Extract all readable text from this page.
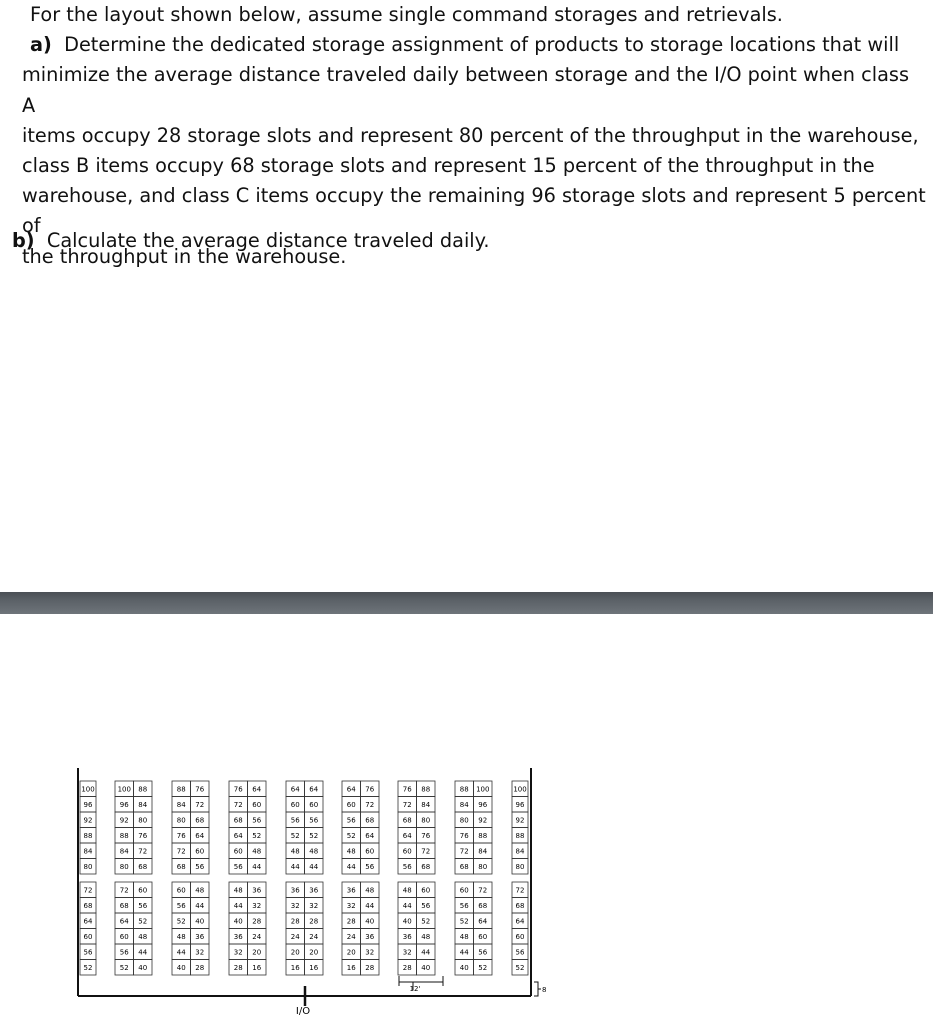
For the layout shown below, assume single command storages and retrievals.

a) Determine the dedicated storage assignment of products to storage locations that will

minimize the average distance traveled daily between storage and the I/O point when class A

items occupy 28 storage slots and represent 80 percent of the throughput in the warehouse,

class B items occupy 68 storage slots and represent 15 percent of the throughput in the

warehouse, and class C items occupy the remaining 96 storage slots and represent 5 percent of

the throughput in the warehouse.

b) Calculate the average distance traveled daily.
100
96
92
88
84
80
72
68
64
60
56
52
100
96
92
88
84
80
72
68
64
60
56
52
100 88
96 84
92 80
88 76
84 72
80 68
88 76
84 72
80 68
76 64
72 60
68 56
76 64
72 60
68 56
64 52
60 48
56 44
64 64
60 60
56 56
52 52
48 48
44 44
64 76
60 72
56 68
52 64
48 60
44 56
76 88
72 84
68 80
64 76
60 72
56 68
88 100
84 96
80 92
76 88
72 84
68 80
72 60
68 56
64 52
60 48
56 44
52 40
60 48
56 44
52 40
48 36
44 32
40 28
48 36
44 32
40 28
36 24
32 20
28 16
36 36
32 32
28 28
24 24
20 20
16 16
36 48
32 44
28 40
24 36
20 32
16 28
48 60
44 56
40 52
36 48
32 44
28 40
60 72
56 68
52 64
48 60
44 56
40 52
I/O
12'	8
